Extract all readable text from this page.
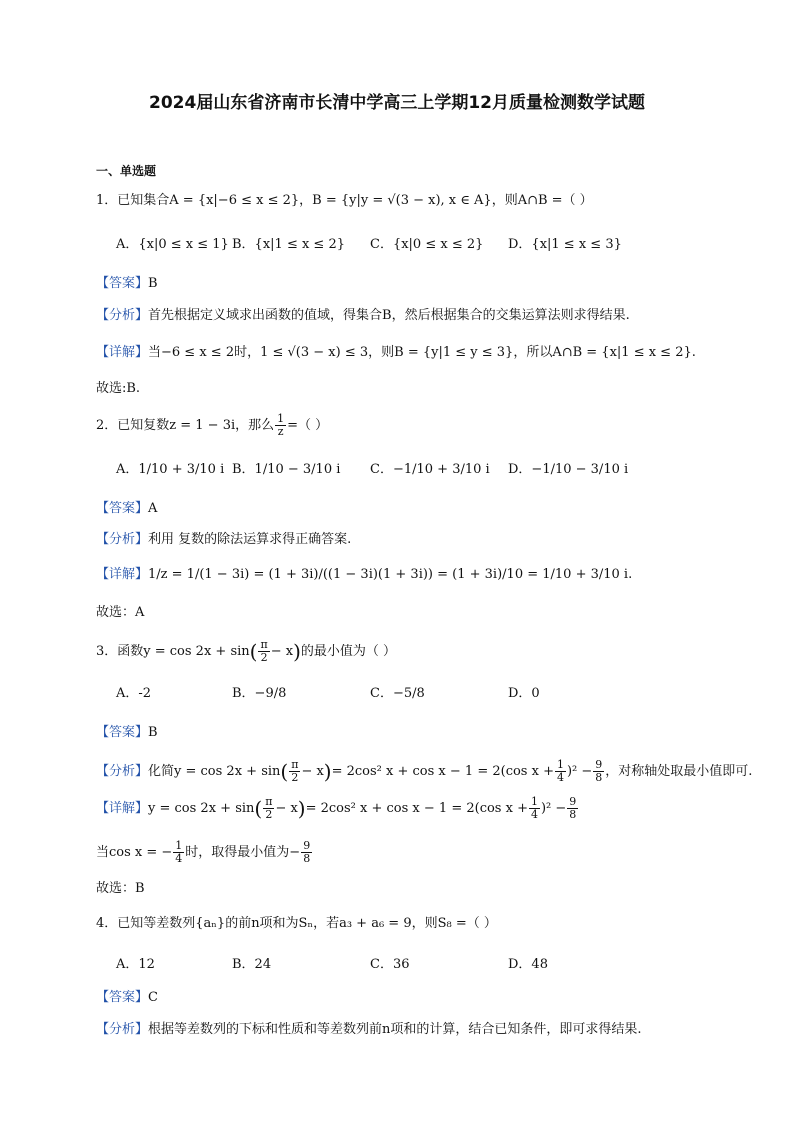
2024届山东省济南市长清中学高三上学期12月质量检测数学试题
一、单选题
1．已知集合A = {x|−6 ≤ x ≤ 2}，B = {y|y = √(3 − x), x ∈ A}，则A∩B =（ ）
A．{x|0 ≤ x ≤ 1} B．{x|1 ≤ x ≤ 2} C．{x|0 ≤ x ≤ 2} D．{x|1 ≤ x ≤ 3}
【答案】B
【分析】首先根据定义域求出函数的值域，得集合B，然后根据集合的交集运算法则求得结果.
【详解】当−6 ≤ x ≤ 2时，1 ≤ √(3 − x) ≤ 3，则B = {y|1 ≤ y ≤ 3}，所以A∩B = {x|1 ≤ x ≤ 2}.
故选:B.
2．已知复数z = 1 − 3i，那么 $\frac{1}{z}$ =（ ）
A．1/10 + 3/10 i B．1/10 − 3/10 i C．−1/10 + 3/10 i D．−1/10 − 3/10 i
【答案】A
【分析】利用 复数的除法运算求得正确答案.
【详解】1/z = 1/(1 − 3i) = (1 + 3i)/((1 − 3i)(1 + 3i)) = (1 + 3i)/10 = 1/10 + 3/10 i.
故选：A
3．函数$y = \cos 2x + \sin( \frac{\pi}{2} - x)$的最小值为（ ）
A．-2	B．−9/8	C．−5/8	D．0
【答案】B
【分析】化简$y = \cos 2x + \sin( \frac{\pi}{2} - x)= 2\cos^2$ x + cos x − 1 = 2(cos $x + \frac{1}{4} )^2 - \frac{9}{8}$ ，对称轴处取最小值即可.
【详解】$y = \cos 2x + \sin( \frac{\pi}{2} - x)= 2\cos^2$ x + cos x − 1 = 2(cos $x + \frac{1}{4} )^2 - \frac{9}{8}$
当cos x = − $\frac{1}{4}$ 时，取得最小值为− $\frac{9}{8}$
故选：B
4．已知等差数列{aₙ}的前n项和为Sₙ，若a₃ + a₆ = 9，则S₈ =（ ）
A．12	B．24	C．36	D．48
【答案】C
【分析】根据等差数列的下标和性质和等差数列前n项和的计算，结合已知条件，即可求得结果.
